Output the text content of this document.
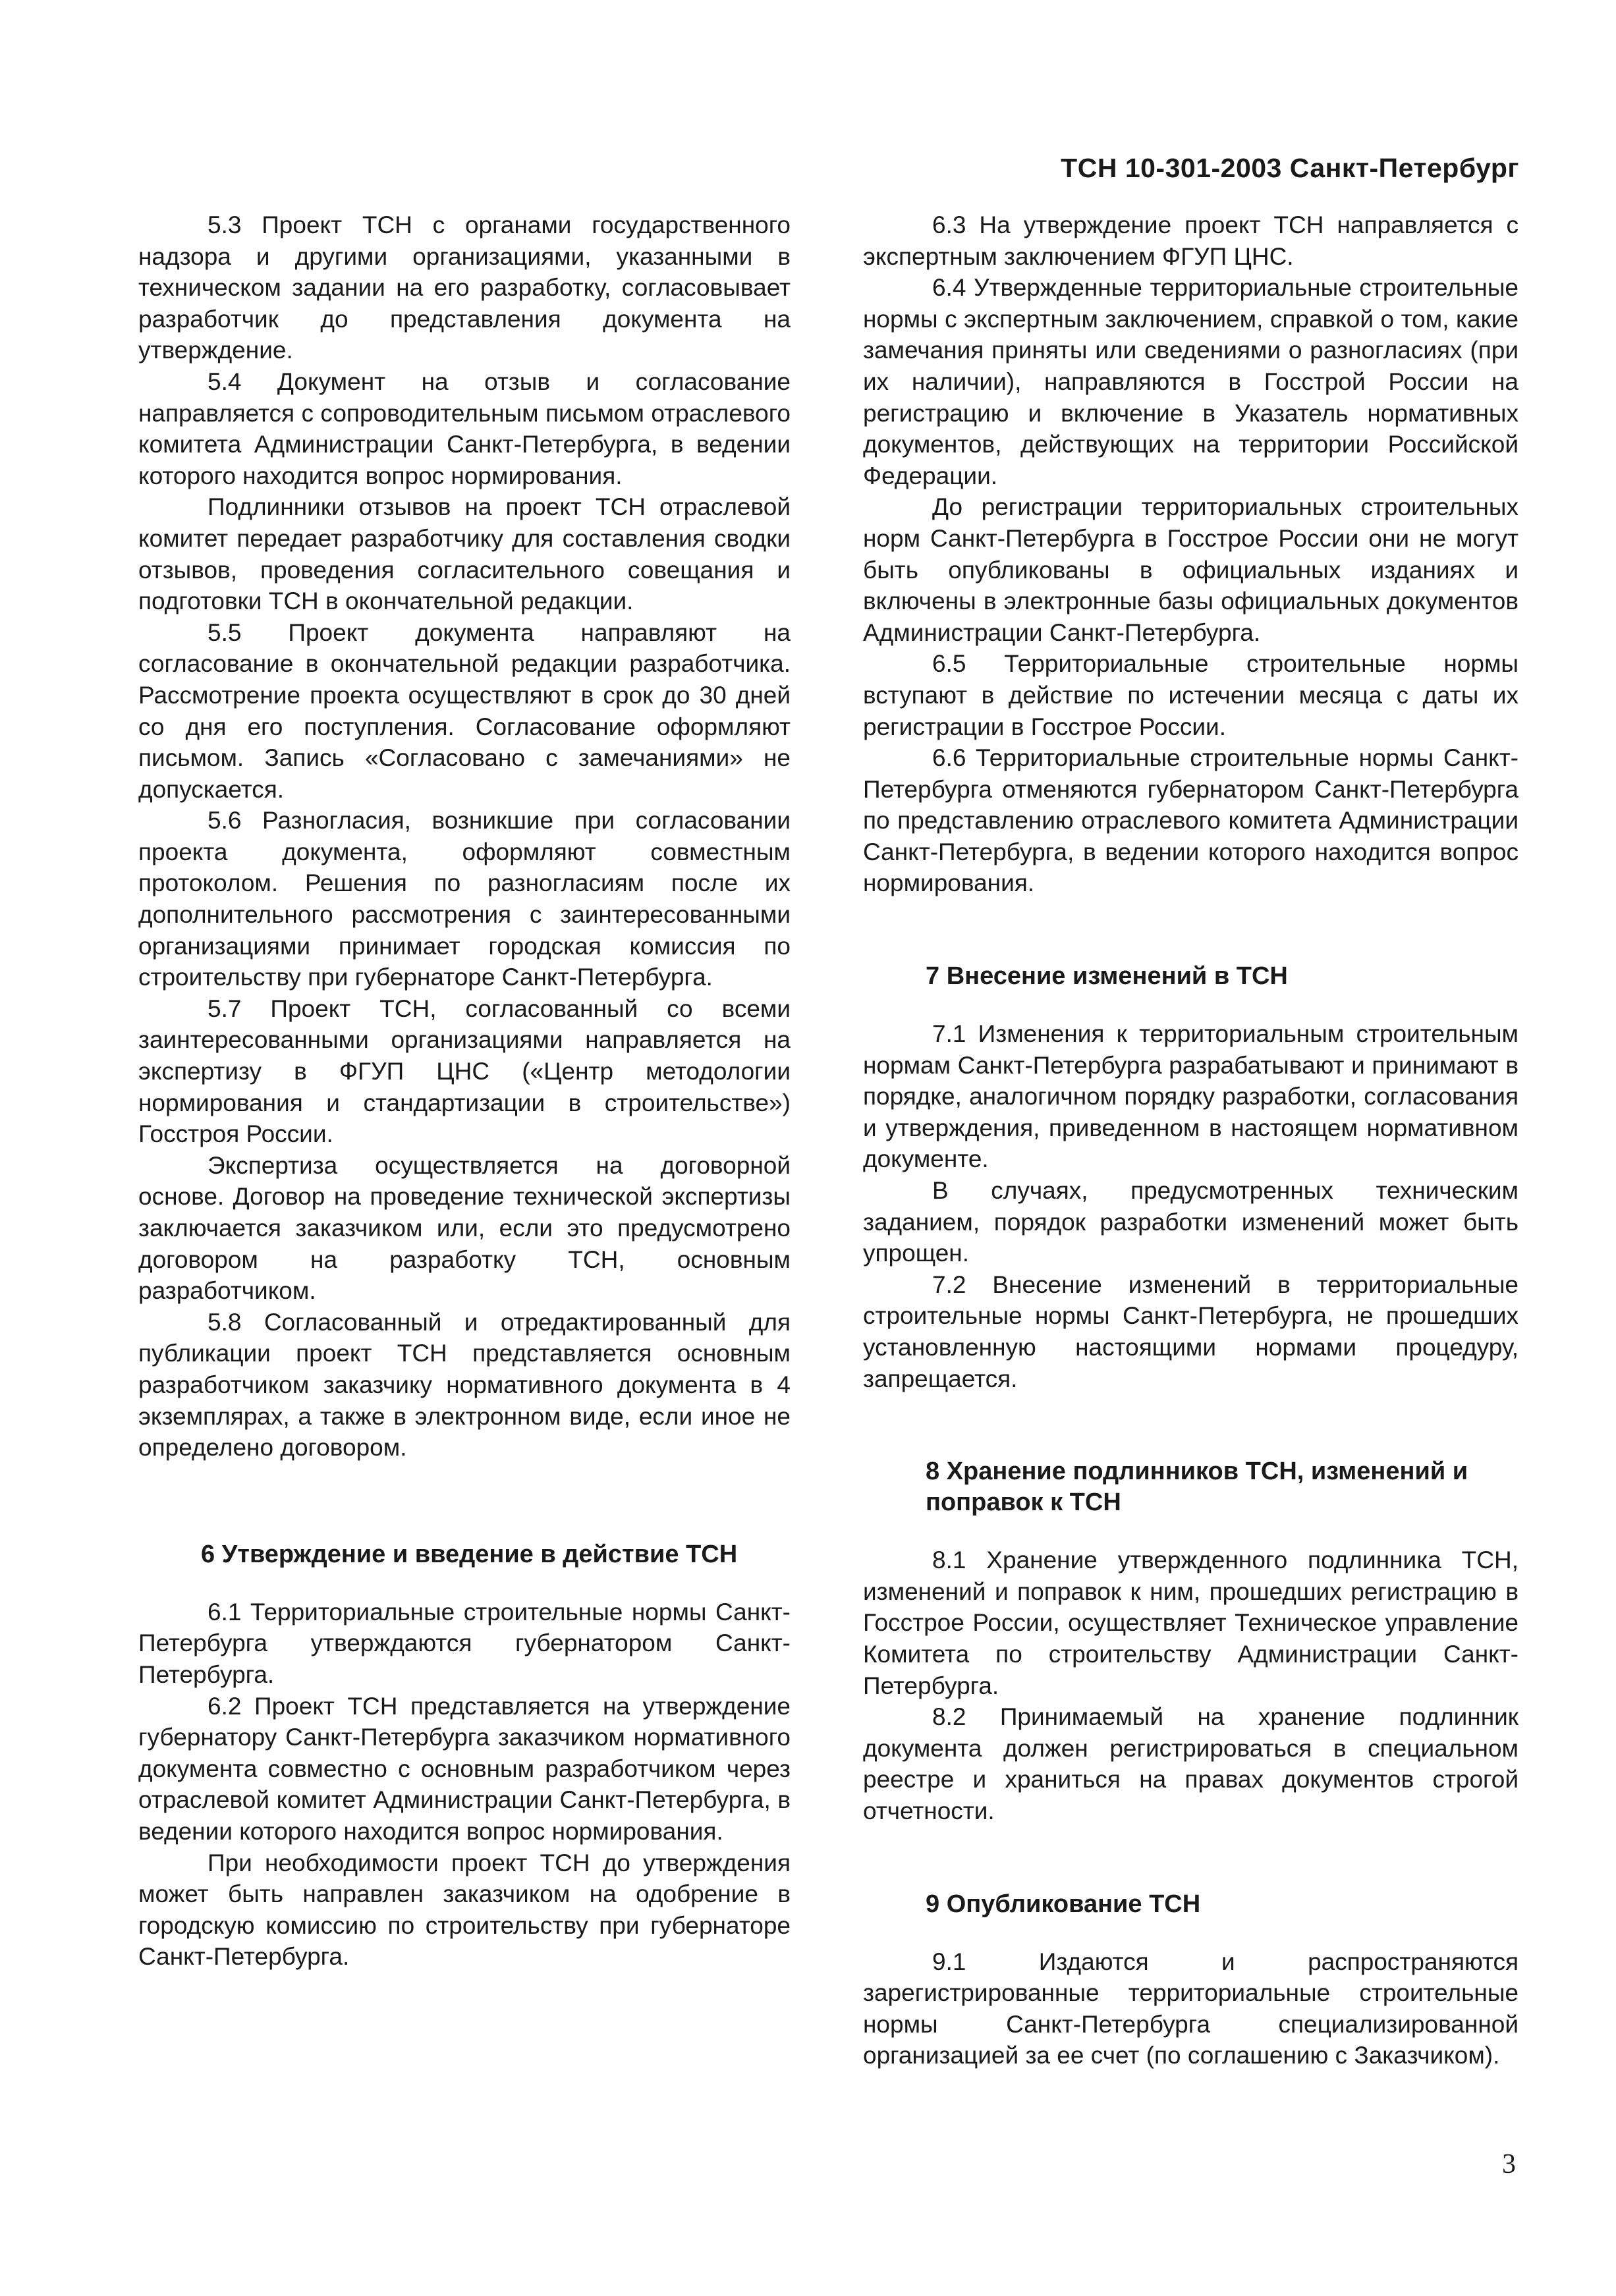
ТСН 10-301-2003 Санкт-Петербург

5.3 Проект ТСН с органами государственного надзора и другими организациями, указанными в техническом задании на его разработку, согласовывает разработчик до представления документа на утверждение.

5.4 Документ на отзыв и согласование направляется с сопроводительным письмом отраслевого комитета Администрации Санкт-Петербурга, в ведении которого находится вопрос нормирования.

Подлинники отзывов на проект ТСН отраслевой комитет передает разработчику для составления сводки отзывов, проведения согласительного совещания и подготовки ТСН в окончательной редакции.

5.5 Проект документа направляют на согласование в окончательной редакции разработчика. Рассмотрение проекта осуществляют в срок до 30 дней со дня его поступления. Согласование оформляют письмом. Запись «Согласовано с замечаниями» не допускается.

5.6 Разногласия, возникшие при согласовании проекта документа, оформляют совместным протоколом. Решения по разногласиям после их дополнительного рассмотрения с заинтересованными организациями принимает городская комиссия по строительству при губернаторе Санкт-Петербурга.

5.7 Проект ТСН, согласованный со всеми заинтересованными организациями направляется на экспертизу в ФГУП ЦНС («Центр методологии нормирования и стандартизации в строительстве») Госстроя России.

Экспертиза осуществляется на договорной основе. Договор на проведение технической экспертизы заключается заказчиком или, если это предусмотрено договором на разработку ТСН, основным разработчиком.

5.8 Согласованный и отредактированный для публикации проект ТСН представляется основным разработчиком заказчику нормативного документа в 4 экземплярах, а также в электронном виде, если иное не определено договором.

6 Утверждение и введение в действие ТСН

6.1 Территориальные строительные нормы Санкт-Петербурга утверждаются губернатором Санкт-Петербурга.

6.2 Проект ТСН представляется на утверждение губернатору Санкт-Петербурга заказчиком нормативного документа совместно с основным разработчиком через отраслевой комитет Администрации Санкт-Петербурга, в ведении которого находится вопрос нормирования.

При необходимости проект ТСН до утверждения может быть направлен заказчиком на одобрение в городскую комиссию по строительству при губернаторе Санкт-Петербурга.

6.3 На утверждение проект ТСН направляется с экспертным заключением ФГУП ЦНС.

6.4 Утвержденные территориальные строительные нормы с экспертным заключением, справкой о том, какие замечания приняты или сведениями о разногласиях (при их наличии), направляются в Госстрой России на регистрацию и включение в Указатель нормативных документов, действующих на территории Российской Федерации.

До регистрации территориальных строительных норм Санкт-Петербурга в Госстрое России они не могут быть опубликованы в официальных изданиях и включены в электронные базы официальных документов Администрации Санкт-Петербурга.

6.5 Территориальные строительные нормы вступают в действие по истечении месяца с даты их регистрации в Госстрое России.

6.6 Территориальные строительные нормы Санкт-Петербурга отменяются губернатором Санкт-Петербурга по представлению отраслевого комитета Администрации Санкт-Петербурга, в ведении которого находится вопрос нормирования.

7 Внесение изменений в ТСН

7.1 Изменения к территориальным строительным нормам Санкт-Петербурга разрабатывают и принимают в порядке, аналогичном порядку разработки, согласования и утверждения, приведенном в настоящем нормативном документе.

В случаях, предусмотренных техническим заданием, порядок разработки изменений может быть упрощен.

7.2 Внесение изменений в территориальные строительные нормы Санкт-Петербурга, не прошедших установленную настоящими нормами процедуру, запрещается.

8 Хранение подлинников ТСН, изменений и поправок к ТСН

8.1 Хранение утвержденного подлинника ТСН, изменений и поправок к ним, прошедших регистрацию в Госстрое России, осуществляет Техническое управление Комитета по строительству Администрации Санкт-Петербурга.

8.2 Принимаемый на хранение подлинник документа должен регистрироваться в специальном реестре и храниться на правах документов строгой отчетности.

9 Опубликование ТСН

9.1 Издаются и распространяются зарегистрированные территориальные строительные нормы Санкт-Петербурга специализированной организацией за ее счет (по соглашению с Заказчиком).

3
